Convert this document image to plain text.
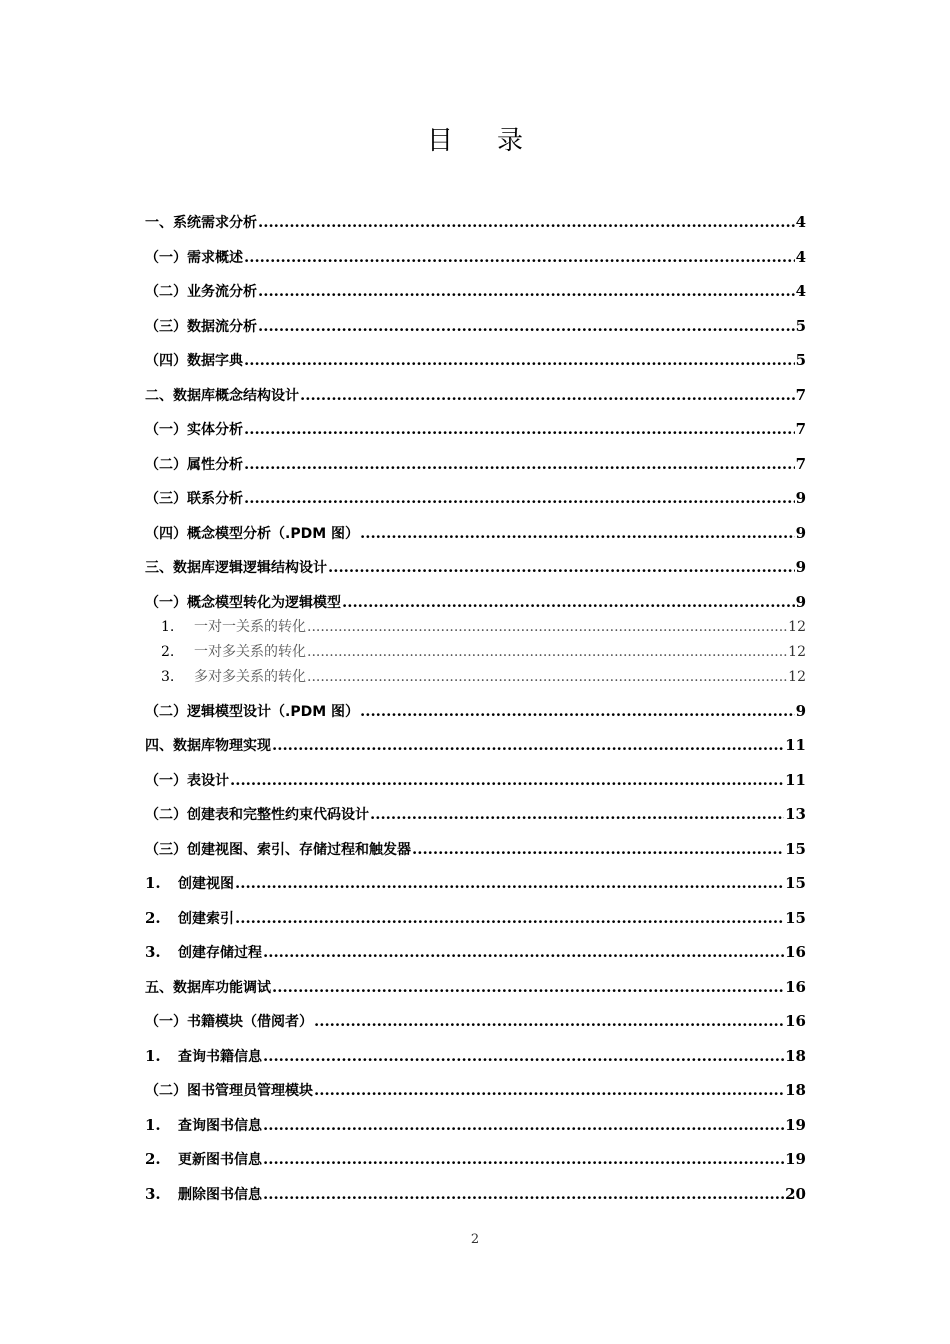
目录
一、系统需求分析 .....	4
（一）需求概述 .....	4
（二）业务流分析 .....	4
（三）数据流分析 .....	5
（四）数据字典 .....	5
二、数据库概念结构设计 .....	7
（一）实体分析 .....	7
（二）属性分析 .....	7
（三）联系分析 .....	9
（四）概念模型分析（.PDM 图） .....	9
三、数据库逻辑逻辑结构设计 .....	9
（一）概念模型转化为逻辑模型 .....	9
1.	一对一关系的转化 .....	12
2.	一对多关系的转化 .....	12
3.	多对多关系的转化 .....	12
（二）逻辑模型设计（.PDM 图） .....	9
四、数据库物理实现 .....	11
（一）表设计 .....	11
（二）创建表和完整性约束代码设计 .....	13
（三）创建视图、索引、存储过程和触发器 .....	15
1.	创建视图 .....	15
2.	创建索引 .....	15
3.	创建存储过程 .....	16
五、数据库功能调试 .....	16
（一）书籍模块（借阅者） .....	16
1.	查询书籍信息 .....	18
（二）图书管理员管理模块 .....	18
1.	查询图书信息 .....	19
2.	更新图书信息 .....	19
3.	删除图书信息 .....	20
2
